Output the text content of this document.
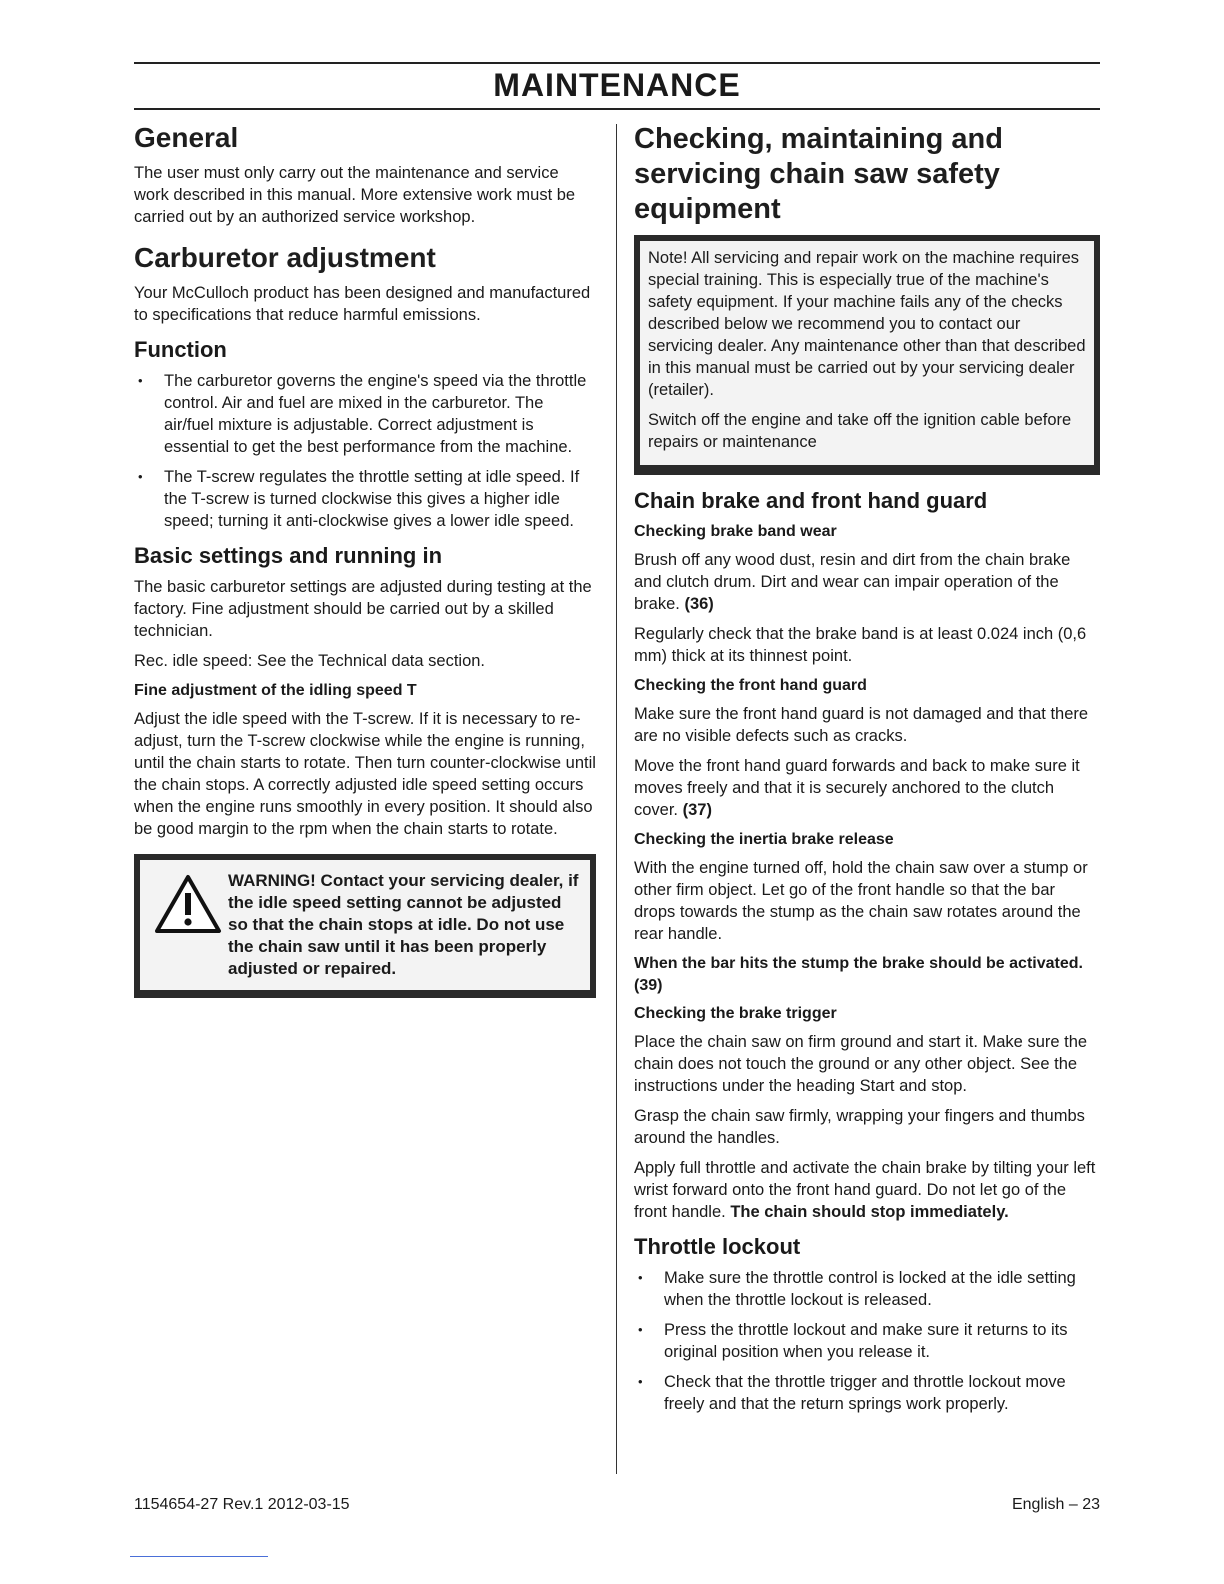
MAINTENANCE
General

The user must only carry out the maintenance and service work described in this manual. More extensive work must be carried out by an authorized service workshop.

Carburetor adjustment

Your McCulloch product has been designed and manufactured to specifications that reduce harmful emissions.

Function
• The carburetor governs the engine's speed via the throttle control. Air and fuel are mixed in the carburetor. The air/fuel mixture is adjustable. Correct adjustment is essential to get the best performance from the machine.
• The T-screw regulates the throttle setting at idle speed. If the T-screw is turned clockwise this gives a higher idle speed; turning it anti-clockwise gives a lower idle speed.
Basic settings and running in

The basic carburetor settings are adjusted during testing at the factory. Fine adjustment should be carried out by a skilled technician.

Rec. idle speed: See the Technical data section.

Fine adjustment of the idling speed T

Adjust the idle speed with the T-screw. If it is necessary to re-adjust, turn the T-screw clockwise while the engine is running, until the chain starts to rotate. Then turn counter-clockwise until the chain stops. A correctly adjusted idle speed setting occurs when the engine runs smoothly in every position. It should also be good margin to the rpm when the chain starts to rotate.

WARNING! Contact your servicing dealer, if the idle speed setting cannot be adjusted so that the chain stops at idle. Do not use the chain saw until it has been properly adjusted or repaired.
Checking, maintaining and servicing chain saw safety equipment

Note! All servicing and repair work on the machine requires special training. This is especially true of the machine's safety equipment. If your machine fails any of the checks described below we recommend you to contact our servicing dealer. Any maintenance other than that described in this manual must be carried out by your servicing dealer (retailer).

Switch off the engine and take off the ignition cable before repairs or maintenance

Chain brake and front hand guard
Checking brake band wear

Brush off any wood dust, resin and dirt from the chain brake and clutch drum. Dirt and wear can impair operation of the brake. (36)

Regularly check that the brake band is at least 0.024 inch (0,6 mm) thick at its thinnest point.

Checking the front hand guard

Make sure the front hand guard is not damaged and that there are no visible defects such as cracks.

Move the front hand guard forwards and back to make sure it moves freely and that it is securely anchored to the clutch cover. (37)

Checking the inertia brake release

With the engine turned off, hold the chain saw over a stump or other firm object. Let go of the front handle so that the bar drops towards the stump as the chain saw rotates around the rear handle.

When the bar hits the stump the brake should be activated. (39)
Checking the brake trigger

Place the chain saw on firm ground and start it. Make sure the chain does not touch the ground or any other object. See the instructions under the heading Start and stop.

Grasp the chain saw firmly, wrapping your fingers and thumbs around the handles.

Apply full throttle and activate the chain brake by tilting your left wrist forward onto the front hand guard. Do not let go of the front handle. The chain should stop immediately.

Throttle lockout
• Make sure the throttle control is locked at the idle setting when the throttle lockout is released.
• Press the throttle lockout and make sure it returns to its original position when you release it.
• Check that the throttle trigger and throttle lockout move freely and that the return springs work properly.
1154654-27 Rev.1 2012-03-15	English – 23
